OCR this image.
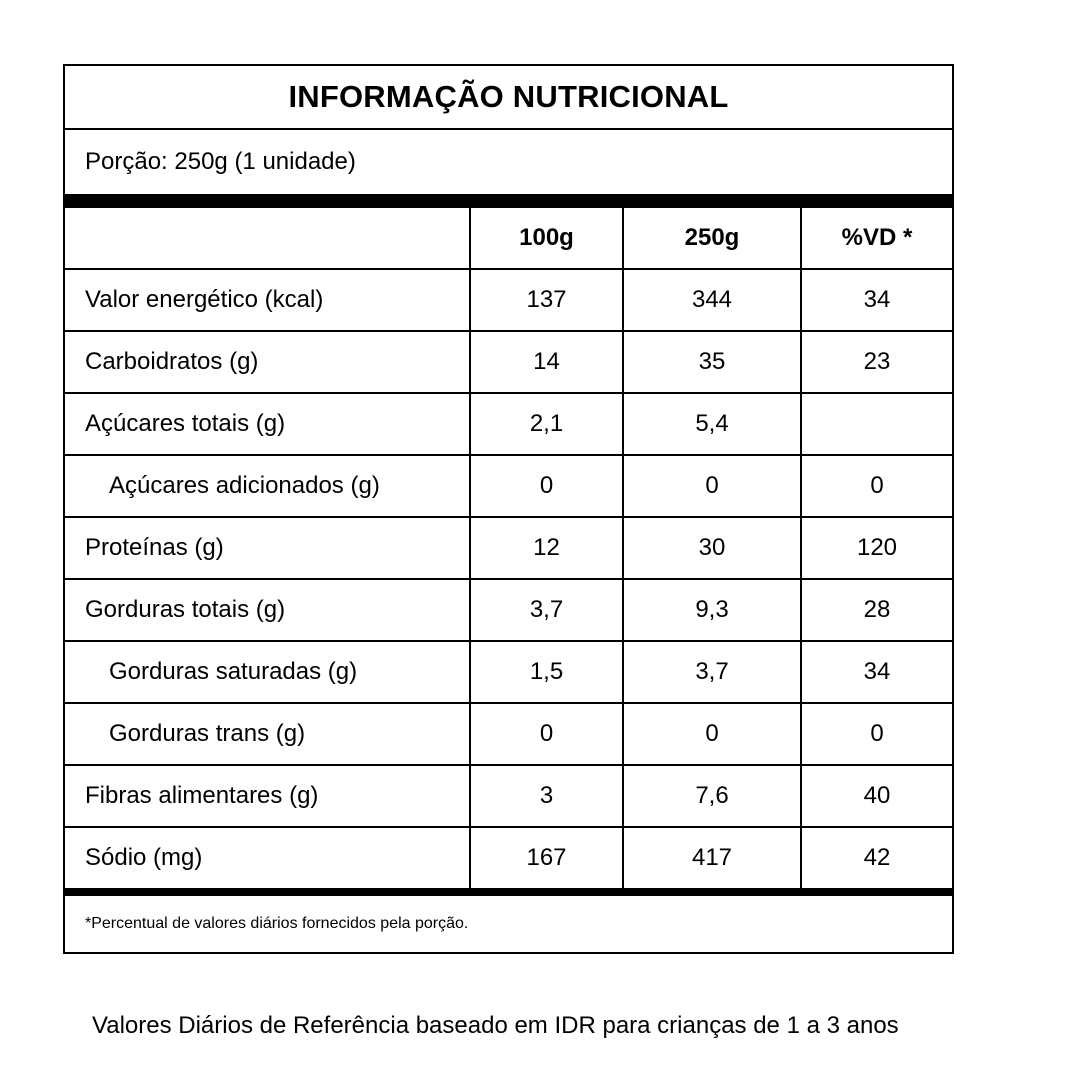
INFORMAÇÃO NUTRICIONAL
Porção: 250g (1 unidade)
	100g	250g	%VD *
Valor energético (kcal)	137	344	34
Carboidratos (g)	14	35	23
Açúcares totais (g)	2,1	5,4	
Açúcares adicionados (g)	0	0	0
Proteínas (g)	12	30	120
Gorduras totais (g)	3,7	9,3	28
Gorduras saturadas (g)	1,5	3,7	34
Gorduras trans (g)	0	0	0
Fibras alimentares (g)	3	7,6	40
Sódio (mg)	167	417	42
*Percentual de valores diários fornecidos pela porção.
Valores Diários de Referência baseado em IDR para crianças de 1 a 3 anos
